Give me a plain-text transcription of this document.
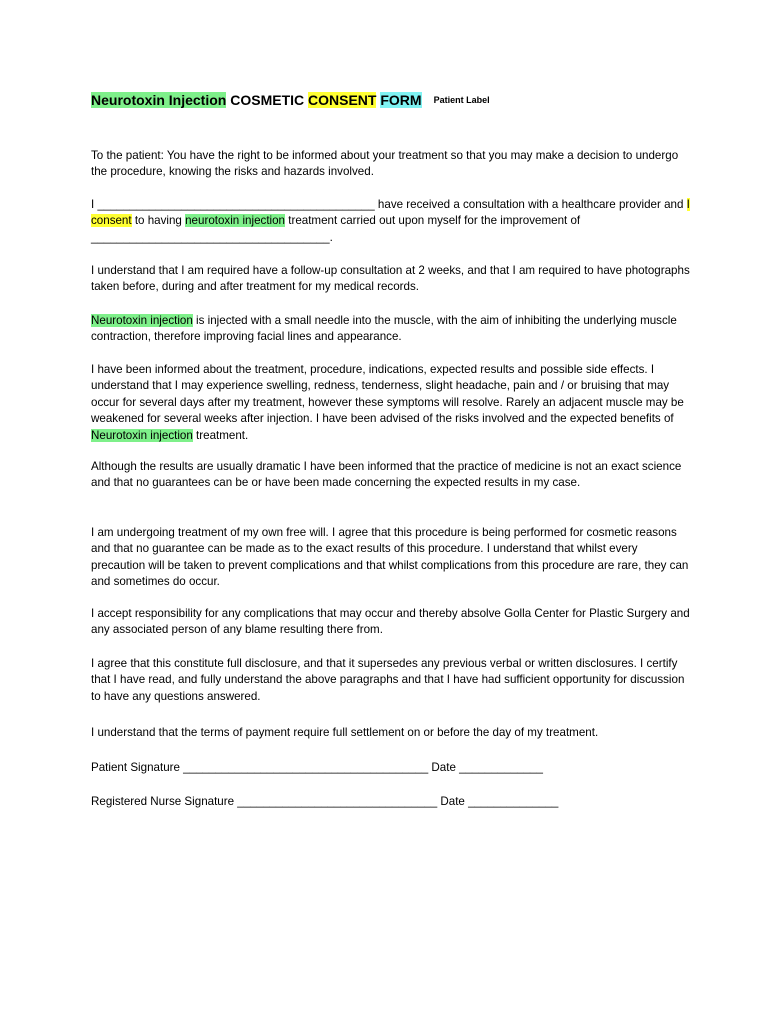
Neurotoxin Injection COSMETIC CONSENT FORM Patient Label
To the patient: You have the right to be informed about your treatment so that you may make a decision to undergo the procedure, knowing the risks and hazards involved.
I ___________________________________________ have received a consultation with a healthcare provider and I consent to having neurotoxin injection treatment carried out upon myself for the improvement of _____________________________________.
I understand that I am required have a follow-up consultation at 2 weeks, and that I am required to have photographs taken before, during and after treatment for my medical records.
Neurotoxin injection is injected with a small needle into the muscle, with the aim of inhibiting the underlying muscle contraction, therefore improving facial lines and appearance.
I have been informed about the treatment, procedure, indications, expected results and possible side effects. I understand that I may experience swelling, redness, tenderness, slight headache, pain and / or bruising that may occur for several days after my treatment, however these symptoms will resolve. Rarely an adjacent muscle may be weakened for several weeks after injection. I have been advised of the risks involved and the expected benefits of Neurotoxin injection treatment.
Although the results are usually dramatic I have been informed that the practice of medicine is not an exact science and that no guarantees can be or have been made concerning the expected results in my case.
I am undergoing treatment of my own free will. I agree that this procedure is being performed for cosmetic reasons and that no guarantee can be made as to the exact results of this procedure. I understand that whilst every precaution will be taken to prevent complications and that whilst complications from this procedure are rare, they can and sometimes do occur.
I accept responsibility for any complications that may occur and thereby absolve Golla Center for Plastic Surgery and any associated person of any blame resulting there from.
I agree that this constitute full disclosure, and that it supersedes any previous verbal or written disclosures. I certify that I have read, and fully understand the above paragraphs and that I have had sufficient opportunity for discussion to have any questions answered.
I understand that the terms of payment require full settlement on or before the day of my treatment.
Patient Signature ______________________________________ Date _____________
Registered Nurse Signature _______________________________ Date ______________
